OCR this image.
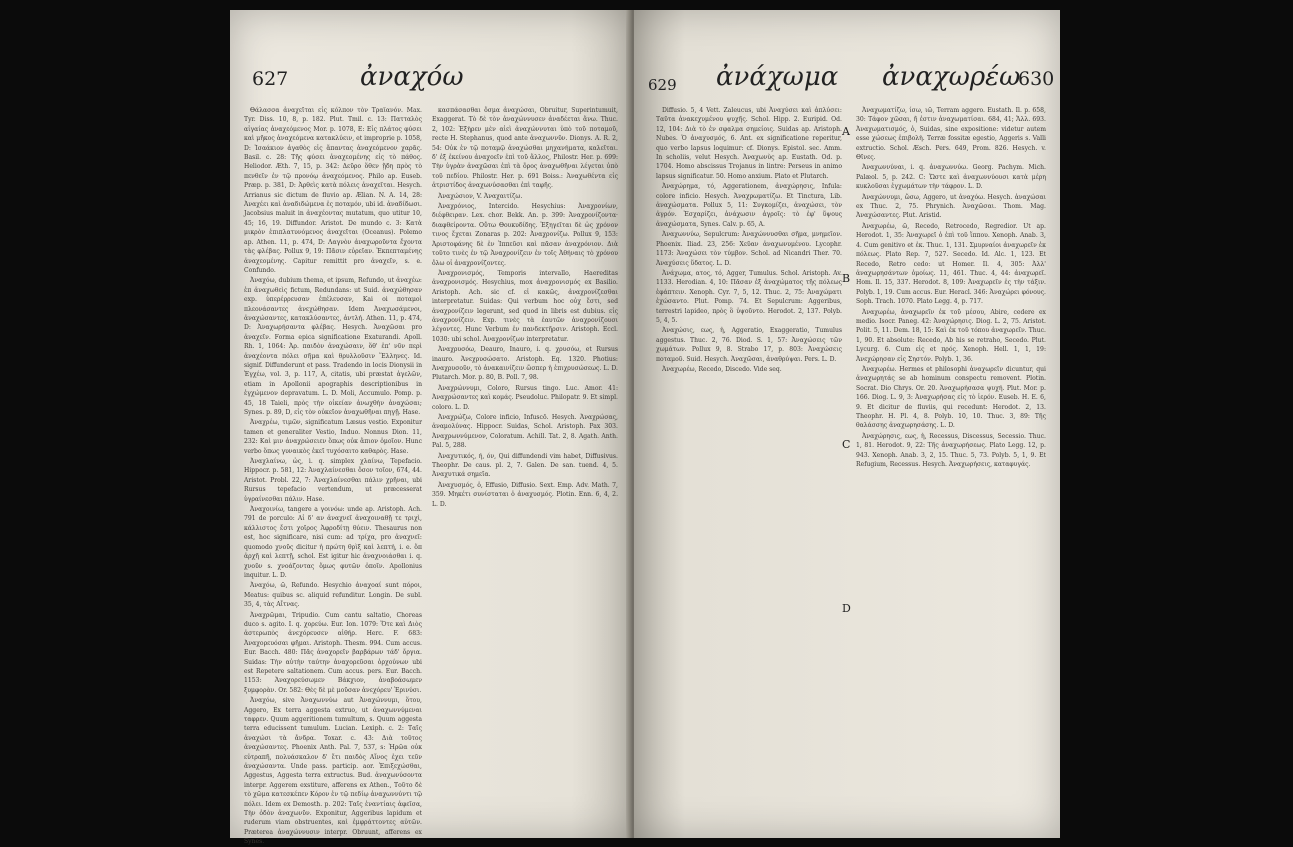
627	ἀναχόω

Θάλασσα ἀναχεῖται εἰς κόλπον τὸν Τραϊανόν. Max. Tyr. Diss. 10, 8, p. 182. Plut. Tmil. c. 13: Πατταλὸς αἰγαίας ἀναχεόμενος Mor. p. 1078, E: Εἰς πλάτος φύσει καὶ μῆκος ἀναχεόμενα κατακλύειν, et improprie p. 1058, D: Ἰσαάκιον ἀγαθὸς εἰς ἄπαντας ἀναχεόμενον χαρᾶς. Basil. c. 28: Τῆς φύσει ἀναχεομένης εἰς τὸ πάθος. Heliodor. Æth. 7, 15, p. 342: Δεῦρο ὅθεν ᾔδη πρὸς τὸ πενθεῖν ἐν τῷ προνόῳ ἀναχεόμενος. Philo ap. Euseb. Præp. p. 381, D: Ἀρθεὶς κατὰ πόλεις ἀναχεῖται. Hesych. Arrianus sic dictum de fluvio ap. Ælian. N. A. 14, 28: Ἀναχέει καὶ ἀναδιδώμενα ἐς ποταμόν, ubi id. ἀναδίδωσι. Jacobsius maluit in ἀναχέοντας mutatum, quo utitur 10, 45; 16, 19. Diffundor. Aristot. De mundo c. 3: Κατὰ μικρὸν ἐπιπλατυνόμενος ἀναχεῖται (Oceanus). Polemo ap. Athen. 11, p. 474, D: Λαγνὸν ἀναχωροῦντα ἔχοντα τὰς φλέβας. Pollux 9, 19: Πᾶσιν εὐρεῖαν. Ἐκπεπταμένης ἀναχεομένης. Capitur remittit pro ἀναχεῖν, s. e. Confundo.

Ἀναχόω, dubium thema, et ipsum, Refundo, ut ἀναχέω: ἐπ ἀναχωθεὶς fictum, Redundans: ut Suid. ἀναχώθησαν exp. ὑπερέρρευσαν ἐπέλευσαν, Kai oi ποταμοὶ πλεονάσαντες ἀνεχώθησαν. Idem Ἀναχωσάμενοι, ἀναχώσαντες, κατακλύσαντες, ἀντλή. Athen. 11, p. 474, D: Ἀναχωρήσαντα φλέβας. Hesych. Ἀναχῶσαι pro ἀναχεῖν. Forma epica significatione Exaturandi. Apoll. Rh. 1, 1064: Ἀρ. παιδὸν ἀναχώσαιν, ὅθ' ἐπ' νῦν περὶ ἀναχέοντα πόλει σῆμα καὶ θρυλλοῦσιν Ἕλληνες. Id. signif. Diffunderunt et pass. Tradendo in locis Dionysii in Ἐγχέω, vol. 3, p. 117, A, citatis, ubi præstat ἀγελῶν, etiam in Apollonii apographis descriptionibus in ἐγχώμενον depravatum. L. D. Moli, Accumulo. Pomp. p. 45, 18 Taieli, πρὸς τὴν οἰκείαν ἀνωχθὴν ἀναχώσαι; Synes. p. 89, D, εἰς τὸν οὐκεῖον ἀναχωθῆναι πηγῇ. Hase.

Ἀναχρέω, τιμῶν, significatum Læsus vestio. Exponitur tamen et generaliter Vestio, Induo. Nonnus Dion. 11, 232: Καὶ μιν ἀναχρώσειεν ὅπως οὐκ ἄπιον ὁμοῖον. Hunc verbo ὅπως γυναικὸς ἐκεῖ τυχόσαιτο καθαρὸς. Hase.

Ἀναχλαίνω, ὡς, i. q. simplex χλαίνω, Tepefacio. Hippocr. p. 581, 12: Ἀναχλαίνεσθαι ὅσον τοῖον, 674, 44. Aristot. Probl. 22, 7: Ἀναχλαίνεσθαι πάλιν χρῆναι, ubi Rursus tepefacio vertendum, ut præcesserat ὑγραίνεσθαι πάλιν. Hase.

Ἀναχοινίω, tangere a γοινόω: unde ap. Aristoph. Ach. 791 de porculo: Αἱ δ' αν ἀναχνεῖ ἀναχοιναθῇ τε τριχὶ, κάλλιστος ἔστι χοῖρος Ἀφροδίτῃ θύειν. Thesaurus non est, hoc significare, nisi cum: ad τρίχα, pro ἀναχνεῖ: quomodo χνοῦς dicitur ἡ πρώτη θρὶξ καὶ λεπτή, i. e. ὅπ ἀρχῆ καὶ λεπτῇ, schol. Est igitur hic ἀναχνοιάσθαι i. q. χνοῦν s. χνοάζοντας ὅμως φυτῶν ὁποῖν. Apollonius inquitur. L. D.

Ἀναχόω, ῶ, Refundo. Hesychio ἀναχοαί sunt πόροι, Meatus: quibus sc. aliquid refunditur. Longin. De subl. 35, 4, τὰς Αἴτνας.

Ἀναχρῶμαι, Tripudio. Cum cantu saltatio, Choreas duco s. agito. I. q. χορεύω. Eur. Ion. 1079: Ὅτε καὶ Διὸς ἀστερωπὸς ἀνεχόρευσεν αἰθήρ. Herc. F. 683: Ἀναχορευόσαι φῆμαι. Aristoph. Thesm. 994. Cum accus. Eur. Bacch. 480: Πᾶς ἀναχορεῖν βαρβάρων τάδ' ὄργια. Suidas: Τὴν αὐτὴν ταύτην ἀναχορεῦσαι ὀρχούνων ubi est Repetere saltationem. Cum accus. pers. Eur. Bacch. 1153: Ἀναχορεύσωμεν Βάκχιον, ἀναβοάσωμεν ξυμφορὰν. Or. 582: Θὲς δὲ μὲ μοῦσαν ἀνεχόρευ' Ἐρινύσι.

Ἀναχόω, sive Ἀναχωννύω aut Ἀναχώννυμι, ὅτου, Aggero, Ex terra aggesta extruo, ut ἀναχωννύμεναι ταφρεν. Quum aggeritionem tumultum, s. Quum aggesta terra educissent tumulum. Lucian. Lexiph. c. 2: Ταῖς ἀναχώσι τὰ ἄνδρα. Toxar. c. 43: Διὰ τοῦτος ἀναχώσαντες. Phoenix Anth. Pal. 7, 537, s: Ἡρῶα οὐκ εὐτραπῆ, πολυάσκαλον δ' ἔτι παιδὸς Αἴνος ἐχει τεῦν ἀναχώσαντα. Unde pass. particip. aor. Ἐπιξεχώσθαι, Aggestus, Aggesta terra extructus. Bud. ἀναχωνύσοντα interpr. Aggerem exstiture, afferens ex Athen., Τοῦτο δὲ τὸ χῶμα κατεσκέπεν Κόρον ἐν τῷ πεδίῳ ἀναχωννύντι τῷ πόλει. Idem ex Demosth. p. 202: Ταῖς ἐναντίαις ἀφεῖσα, Τὴν ὁδὸν ἀναχωνῦν. Exponitur, Aggeribus lapidum et ruderum viam obstruentes, καὶ ἐμφράττοντες αὐτῶν. Præterea ἀναχώννυσιν interpr. Obruunt, afferens ex Synes.

κασπάσασθαι ὅσμα ἀναχώσαι, Obruitur, Superintumuit, Exaggerat. Τὸ δὲ τὸν ἀναχώννυσεν ἀναδέεται ἄνω. Thuc. 2, 102: Ἐξὴρεν μὲν αἰεὶ ἀναχώννυται ὑπὸ τοῦ ποταμοῦ, recte H. Stephanus, quod ante ἀναχωννῦν. Dionys. A. R. 2, 54: Οὐκ ἐν τῷ ποταμῷ ἀναχώσθαι μηχανήματα, καλεῖται. δ' ἐξ ἐκείνου ἀναχοεῖν ἐπὶ τοῦ ἄλλος, Philostr. Her. p. 699: Τὴν ὑγρὰν ἀναχῶσαι ἐπὶ τὰ ὅρος ἀναχωθῆναι λέγεται ὑπὸ τοῦ πεδίου. Philostr. Her. p. 691 Boiss.: Ἀναχωθέντα εἰς ἀτριστίδος ἀναχωνύσασθαι ἐπὶ ταφῆς.

Ἀναχώσιον, V. Ἀναχαιτίζω.

Ἀναχρόνιος, Intercido. Hesychius: Ἀναχρονίων, διέφθειραν. Lex. chor. Bekk. An. p. 399: Ἀναχρονίζοντα· διαφθείροντα. Οὔτω Θουκυδίδης. Ἐξηγεῖται δὲ ὡς χρόνον τινος ἔχεται Zonaras p. 202: Ἀναχρονίζω. Pollux 9, 153: Ἀριστοφάνης δὲ ἐν Ἱππεῦσι καὶ πᾶσαν ἀναχρόνιον. Διὰ τοῦτο τινὲς ἐν τῷ Ἀναχρονίζειν ἐν τοῖς Ἀθήναις τὸ χρόνου ὄλω οἱ ἀναχρονίζοντες.

Ἀναχρονισμός, Temporis intervallo, Haereditas ἀναχρονισμός. Hesychius, mox ἀναχρονισμός ex Basilio. Aristoph. Ach. sic cf. εἰ κακῶς, ἀναχρονίζεσθαι interpretatur. Suidas: Qui verbum hoc οὐχ ἔστι, sed ἀναχρονίζειν legerunt, sed quod in libris est dubius. εἰς ἀναχρονίζειν. Exp. τινὲς τὰ ἑαυτῶν ἀναχρονίζουσι λέγοντες. Hunc Verbum ἐν πανδεκτῆρσιν. Aristoph. Eccl. 1030: ubi schol. Ἀναχρονίζων interpretatur.

Ἀναχρυσόω, Deauro, Inauro, i. q. χρυσόω, et Rursus inauro. Ἀνεχρυσώσατο. Aristoph. Eq. 1320. Photius: Ἀναχρυσοῦν, τὸ ἀνακαινίζειν ὥσπερ ἡ ἐπιχρυσώσεως. L. D. Plutarch. Mor. p. 80, B. Poll. 7, 98.

Ἀναχρώννυμι, Coloro, Rursus tingo. Luc. Amor. 41: Ἀναχρώσαντες καὶ κομάς. Pseudoluc. Philopatr. 9. Et simpl. coloro. L. D.

Ἀναχρώζω, Colore inficio, Infuscō. Hesych. Ἀναχρώσας, ἀναμολύνας. Hippocr. Suidas, Schol. Aristoph. Pax 303. Ἀναχρωννύμενον, Coloratum. Achill. Tat. 2, 8. Agath. Anth. Pal. 5, 288.

Ἀναχυτικός, ή, όν, Qui diffundendi vim habet, Diffusivus. Theophr. De caus. pl. 2, 7. Galen. De san. tuend. 4, 5. Ἀναχυτικά σημεῖα.

Ἀναχυσμός, ὁ, Effusio, Diffusio. Sext. Emp. Adv. Math. 7, 359. Μηκέτι συνίσταται ὁ ἀναχυσμός. Plotin. Enn. 6, 4, 2. L. D.

629 ἀνάχωμα ἀναχωρέω
630

Diffusio. 5, 4 Vett. Zaleucus, ubi Ἀναχύσει καὶ ἀπλύσει: Ταῦτα ἀνακεχυμένου ψυχῆς. Schol. Hipp. 2. Euripid. Od. 12, 104: Διὰ τὸ ἐν σφαλμα σημείοις. Suidas ap. Aristoph. Nubes. Ὁ ἀναχυσμός, 6. Ant. ex significatione reperitur, quo verbo lapsus loquimur: cf. Dionys. Epistol. sec. Amm. In scholiis, velut Hesych. Ἀναχωνὺς ap. Eustath. Od. p. 1704. Homo abscissus Trojanus in lintre: Perseus in animo lapsus significatur. 50. Homo anxium. Plato et Plutarch.

Ἀναχώρημα, τό, Aggerationem, ἀναχώρησις, Infula: colore inficio. Hesych. Ἀναχρωματίζω. Et Tinctura, Lib. ἀναχώσματα. Pollux 5, 11: Συγκομίζει, ἀναχώσει, τὸν ἀγρόν. Ἐσχαρίζει, ἀνάχωσιν ἀγροῖς: τὸ ἐφ' ὕψους ἀναχώσματα, Synes. Calv. p. 65, A.

Ἀναχωννύω, Sepulcrum: Ἀναχώννυσθαι σῆμα, μνημεῖον. Phoenix. Iliad. 23, 256: Χεῦαν ἀναχωνυμένου. Lycophr. 1173: Ἀναχώσει τὸν τύμβον. Schol. ad Nicandri Ther. 70. Ἀναχύσεις ὕδατος. L. D.

Ἀνάχωμα, ατος, τό, Agger, Tumulus. Schol. Aristoph. Av. 1133. Herodian. 4, 10: Πᾶσαν ἐξ ἀναχώματος τῆς πόλεως ἐφάπτειν. Xenoph. Cyr. 7, 5, 12. Thuc. 2, 75: Ἀναχώματι ἐχώσαντο. Plut. Pomp. 74. Et Sepulcrum: Aggeribus, terrestri lapideo, πρὸς ὃ ὑψοῦντο. Herodot. 2, 137. Polyb. 5, 4, 5.

Ἀναχώσις, εως, ἡ, Aggeratio, Exaggeratio, Tumulus aggestus. Thuc. 2, 76. Diod. S. 1, 57: Ἀναχώσεις τῶν χωμάτων. Pollux 9, 8. Strabo 17, p. 803: Ἀναχώσεις ποταμοῦ. Suid. Hesych. Ἀναχῶσαι, ἀναθρύψαι. Pers. L. D.

Ἀναχωρέω, Recedo, Discedo. Vide seq.

A
B
C
D

Ἀναχωματίζω, ίσω, ιῶ, Terram aggero. Eustath. Il. p. 658, 30: Τάφον χῶσαι, ἤ ἐστιν ἀναχωματίσαι. 684, 41; Ἄλλ. 693. Ἀναχωματισμός, ὁ, Suidas, sine expositione: videtur autem esse χώσεως ἐπιβολὴ. Terræ fossitæ egestio, Aggeris s. Valli extructio. Schol. Æsch. Pers. 649, Prom. 826. Hesych. v. Θῖνες.

Ἀναχωννύναι, i. q. ἀναχωννύω. Georg. Pachym. Mich. Palæol. 5, p. 242. C: Ὥστε καὶ ἀναχωννύουσι κατὰ μέρη κυκλοῦσαι ἐγχωμάτων τὴν τάφρον. L. D.

Ἀναχώννυμι, ὤσω, Aggero, ut ἀναχόω. Hesych. ἀναχώσαι ex Thuc. 2, 75. Phrynich. Ἀναχῶσαι. Thom. Mag. Ἀναχώσαντες. Plut. Aristid.

Ἀναχωρέω, ῶ, Recedo, Retrocedo, Regredior. Ut ap. Herodot. 1, 35: Ἀναχωρεῖ ὁ ἐπὶ τοῦ ἵππου. Xenoph. Anab. 3, 4. Cum genitivo et ἐκ. Thuc. 1, 131. Σμυρναίοι ἀναχωρεῖν ἐκ πόλεως. Plato Rep. 7, 527. Secedo. Id. Alc. 1, 123. Et Recedo, Retro cedo: ut Homer. Il. 4, 305: Ἀλλ' ἀναχωρησάντων ὁμοίως. 11, 461. Thuc. 4, 44: ἀναχωρεῖ. Hom. Il. 15, 337. Herodot. 8, 109: Ἀναχωρεῖν ἐς τὴν τάξιν. Polyb. 1, 19. Cum accus. Eur. Heracl. 346: Ἀναχώρει φόνους. Soph. Trach. 1070. Plato Legg. 4, p. 717.

Ἀναχωρέω, ἀναχωρεῖν ἐκ τοῦ μέσου, Abire, cedere ex medio. Isocr. Paneg. 42: Ἀναχώρησις. Diog. L. 2, 75. Aristot. Polit. 5, 11. Dem. 18, 15: Καὶ ἐκ τοῦ τόπου ἀναχωρεῖν. Thuc. 1, 90. Et absolute: Recedo, Ab his se retraho, Secedo. Plut. Lycurg. 6. Cum εἰς et πρός. Xenoph. Hell. 1, 1, 19: Ἀνεχώρησαν εἰς Σηστόν. Polyb. 1, 36.

Ἀναχωρέω. Hermes et philosophi ἀναχωρεῖν dicuntur, qui ἀναχωρητάς se ab hominum conspectu removent. Plotin. Socrat. Dio Chrys. Or. 20. Ἀναχωρήσασα ψυχή. Plut. Mor. p. 166. Diog. L. 9, 3: Ἀναχωρήσας εἰς τὸ ἱερόν. Euseb. H. E. 6, 9. Et dicitur de fluviis, qui recedunt: Herodot. 2, 13. Theophr. H. Pl. 4, 8. Polyb. 10, 10. Thuc. 3, 89: Τῆς θαλάσσης ἀναχωρησάσης. L. D.

Ἀναχώρησις, εως, ἡ, Recessus, Discessus, Secessio. Thuc. 1, 81. Herodot. 9, 22: Τῆς ἀναχωρήσεως. Plato Legg. 12, p. 943. Xenoph. Anab. 3, 2, 15. Thuc. 5, 73. Polyb. 5, 1, 9. Et Refugium, Recessus. Hesych. Ἀναχωρήσεις, καταφυγάς.
